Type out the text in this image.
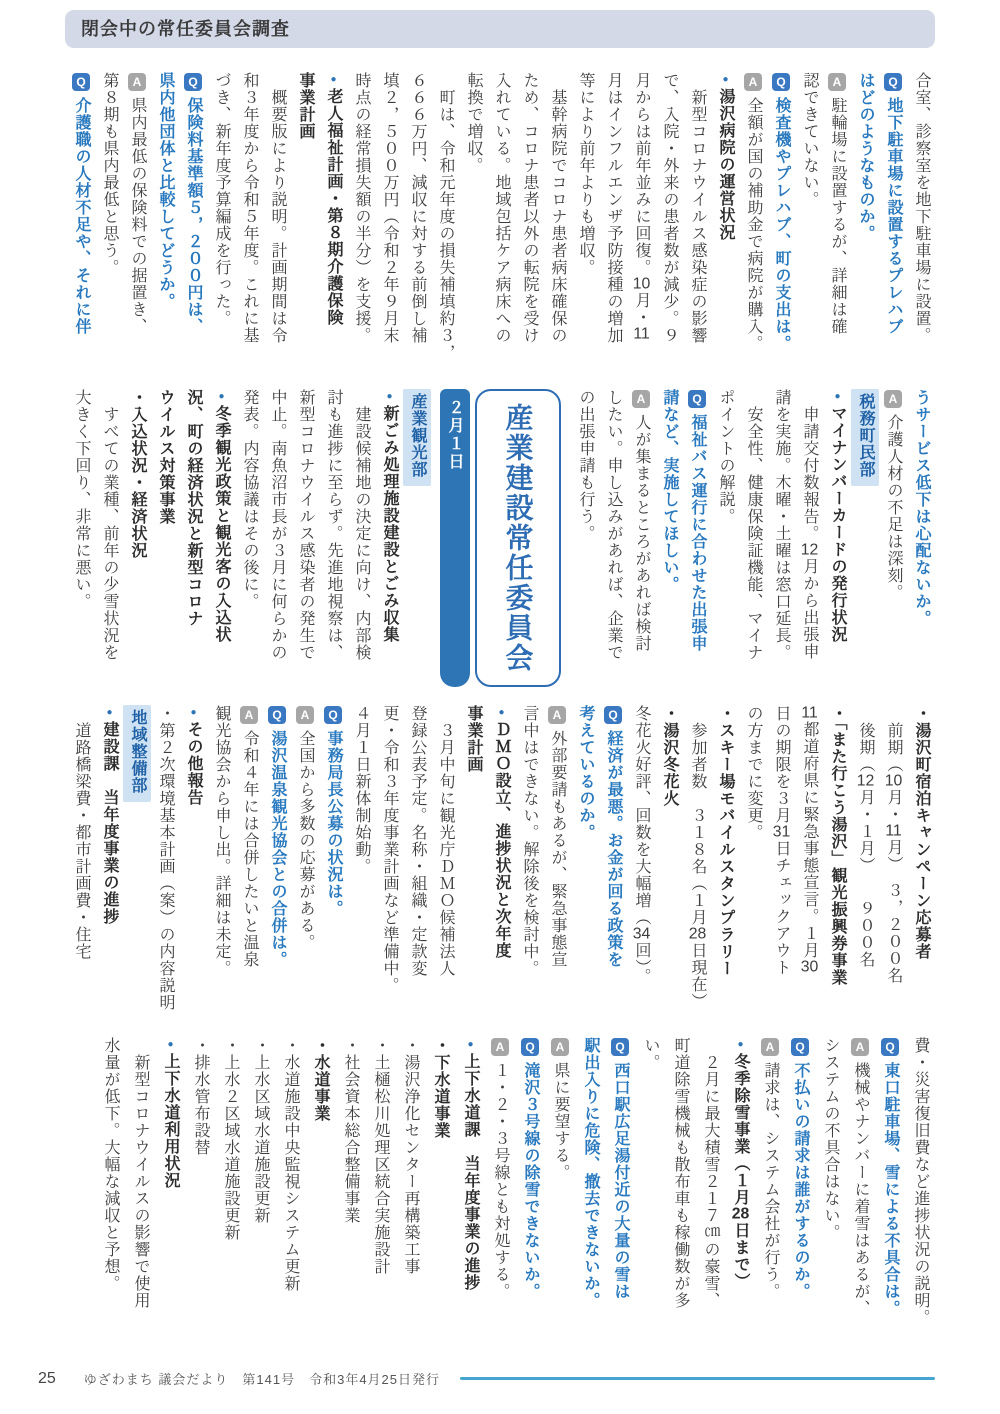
閉会中の常任委員会調査
合室、診察室を地下駐車場に設置。
Q地下駐車場に設置するプレハブ
はどのようなものか。
A駐輪場に設置するが、詳細は確
認できていない。
Q検査機やプレハブ、町の支出は。
A全額が国の補助金で病院が購入。
●湯沢病院の運営状況
　新型コロナウイルス感染症の影響
で、入院・外来の患者数が減少。９
月からは前年並みに回復。10月・11
月はインフルエンザ予防接種の増加
等により前年よりも増収。
　基幹病院でコロナ患者病床確保の
ため、コロナ患者以外の転院を受け
入れている。地域包括ケア病床への
転換で増収。
　町は、令和元年度の損失補填約３，
６６６万円、減収に対する前倒し補
填２，５００万円（令和２年９月末
時点の経常損失額の半分）を支援。
●老人福祉計画・第８期介護保険
事業計画
　概要版により説明。計画期間は令
和３年度から令和５年度。これに基
づき、新年度予算編成を行った。
Q保険料基準額５，２００円は、
県内他団体と比較してどうか。
A県内最低の保険料での据置き、
第８期も県内最低と思う。
Q介護職の人材不足や、それに伴
産業観光部
●新ごみ処理施設建設とごみ収集
　建設候補地の決定に向け、内部検
討も進捗に至らず。先進地視察は、
新型コロナウイルス感染者の発生で
中止。南魚沼市長が３月に何らかの
発表。内容協議はその後に。
●冬季観光政策と観光客の入込状
況、町の経済状況と新型コロナ
ウイルス対策事業
・入込状況・経済状況
　すべての業種、前年の少雪状況を
大きく下回り、非常に悪い。	２月１日	産業建設常任委員会	うサービス低下は心配ないか。
A介護人材の不足は深刻。
税務町民部
●マイナンバーカードの発行状況
　申請交付数報告。12月から出張申
請を実施。木曜・土曜は窓口延長。
　安全性、健康保険証機能、マイナ
ポイントの解説。
Q福祉バス運行に合わせた出張申
請など、実施してほしい。
A人が集まるところがあれば検討
したい。申し込みがあれば、企業で
の出張申請も行う。
・湯沢町宿泊キャンペーン応募者
　前期（10月・11月）　３，２００名
　後期（12月・１月）　　９００名
・「また行こう湯沢」観光振興券事業
11都道府県に緊急事態宣言。１月30
日の期限を３月31日チェックアウト
の方までに変更。
・スキー場モバイルスタンプラリー
　参加者数　３１８名（１月28日現在）
・湯沢冬花火
冬花火好評、回数を大幅増（34回）。
Q経済が最悪。お金が回る政策を
考えているのか。
A外部要請もあるが、緊急事態宣
言中はできない。解除後を検討中。
●ＤＭＯ設立、進捗状況と次年度
事業計画
　３月中旬に観光庁ＤＭＯ候補法人
登録公表予定。名称・組織・定款変
更・令和３年度事業計画など準備中。
４月１日新体制始動。
Q事務局長公募の状況は。
A全国から多数の応募がある。
Q湯沢温泉観光協会との合併は。
A令和４年には合併したいと温泉
観光協会から申し出。詳細は未定。
●その他報告
・第２次環境基本計画（案）の内容説明
地域整備部
●建設課　当年度事業の進捗
　道路橋梁費・都市計画費・住宅
費・災害復旧費など進捗状況の説明。
Q東口駐車場、雪による不具合は。
A機械やナンバーに着雪はあるが、
システムの不具合はない。
Q不払いの請求は誰がするのか。
A請求は、システム会社が行う。
●冬季除雪事業（１月28日まで）
　２月に最大積雪２１７㎝の豪雪、
町道除雪機械も散布車も稼働数が多
い。
Q西口駅広足湯付近の大量の雪は
駅出入りに危険、撤去できないか。
A県に要望する。
Q滝沢３号線の除雪できないか。
A１・２・３号線とも対処する。
●上下水道課　当年度事業の進捗
・下水道事業
・湯沢浄化センター再構築工事
・土樋松川処理区統合実施設計
・社会資本総合整備事業
・水道事業
・水道施設中央監視システム更新
・上水区域水道施設更新
・上水２区域水道施設更新
・排水管布設替
●上下水道利用状況
　新型コロナウイルスの影響で使用
水量が低下。大幅な減収と予想。
25 ゆざわまち 議会だより　第141号　令和3年4月25日発行
